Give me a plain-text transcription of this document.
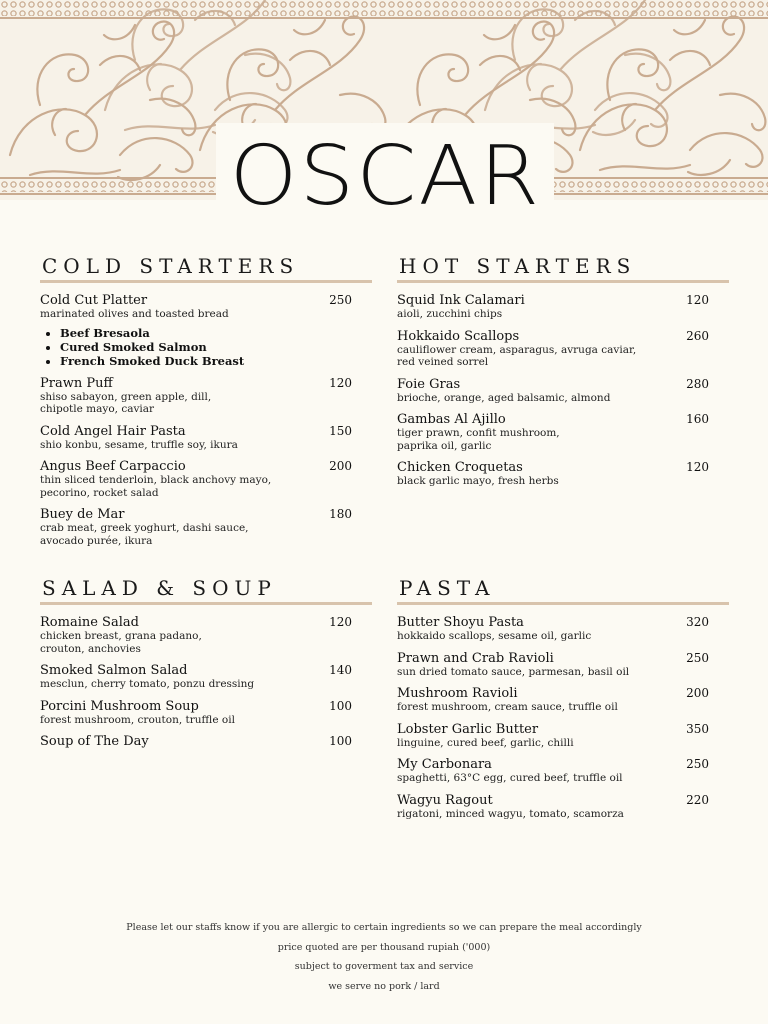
OSCAR
COLD STARTERS
Cold Cut Platter	250
marinated olives and toasted bread
• Beef Bresaola
• Cured Smoked Salmon
• French Smoked Duck Breast
Prawn Puff	120
shiso sabayon, green apple, dill, chipotle mayo, caviar
Cold Angel Hair Pasta	150
shio konbu, sesame, truffle soy, ikura
Angus Beef Carpaccio	200
thin sliced tenderloin, black anchovy mayo, pecorino, rocket salad
Buey de Mar	180
crab meat, greek yoghurt, dashi sauce, avocado purée, ikura
HOT STARTERS
Squid Ink Calamari	120
aioli, zucchini chips
Hokkaido Scallops	260
cauliflower cream, asparagus, avruga caviar, red veined sorrel
Foie Gras	280
brioche, orange, aged balsamic, almond
Gambas Al Ajillo	160
tiger prawn, confit mushroom, paprika oil, garlic
Chicken Croquetas	120
black garlic mayo, fresh herbs
SALAD & SOUP
Romaine Salad	120
chicken breast, grana padano, crouton, anchovies
Smoked Salmon Salad	140
mesclun, cherry tomato, ponzu dressing
Porcini Mushroom Soup	100
forest mushroom, crouton, truffle oil
Soup of The Day	100
PASTA
Butter Shoyu Pasta	320
hokkaido scallops, sesame oil, garlic
Prawn and Crab Ravioli	250
sun dried tomato sauce, parmesan, basil oil
Mushroom Ravioli	200
forest mushroom, cream sauce, truffle oil
Lobster Garlic Butter	350
linguine, cured beef, garlic, chilli
My Carbonara	250
spaghetti, 63°C egg, cured beef, truffle oil
Wagyu Ragout	220
rigatoni, minced wagyu, tomato, scamorza
Please let our staffs know if you are allergic to certain ingredients so we can prepare the meal accordingly
price quoted are per thousand rupiah ('000)
subject to goverment tax and service
we serve no pork / lard
